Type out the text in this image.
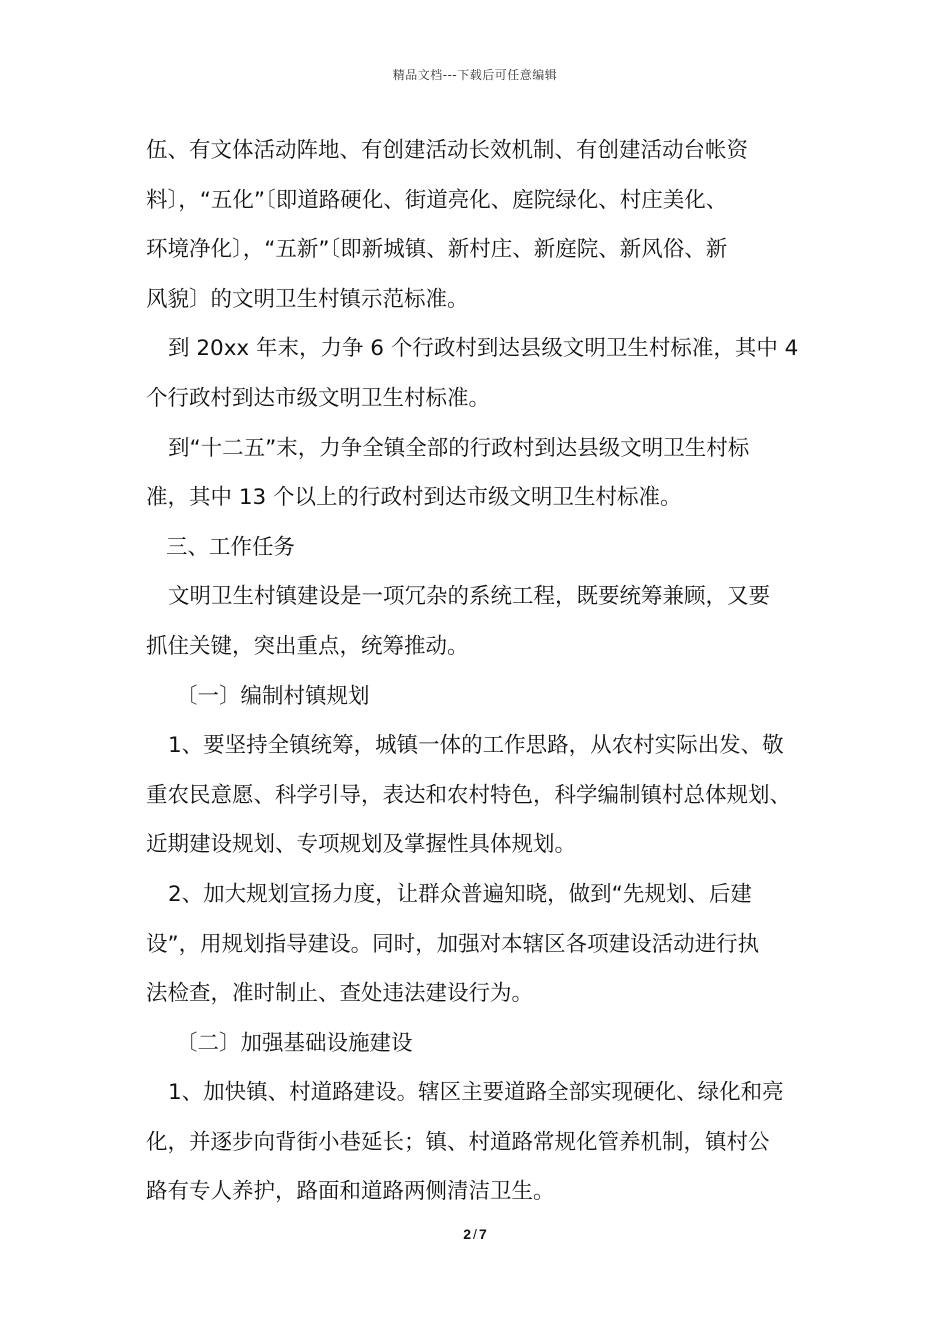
精品文档---下载后可任意编辑
伍、有文体活动阵地、有创建活动长效机制、有创建活动台帐资
料〕，“五化”〔即道路硬化、街道亮化、庭院绿化、村庄美化、
环境净化〕，“五新”〔即新城镇、新村庄、新庭院、新风俗、新
风貌〕的文明卫生村镇示范标准。
到 20xx 年末，力争 6 个行政村到达县级文明卫生村标准，其中 4
个行政村到达市级文明卫生村标准。
到“十二五”末，力争全镇全部的行政村到达县级文明卫生村标
准，其中 13 个以上的行政村到达市级文明卫生村标准。
三、工作任务
文明卫生村镇建设是一项冗杂的系统工程，既要统筹兼顾，又要
抓住关键，突出重点，统筹推动。
〔一〕编制村镇规划
1、要坚持全镇统筹，城镇一体的工作思路，从农村实际出发、敬
重农民意愿、科学引导，表达和农村特色，科学编制镇村总体规划、
近期建设规划、专项规划及掌握性具体规划。
2、加大规划宣扬力度，让群众普遍知晓，做到“先规划、后建
设”，用规划指导建设。同时，加强对本辖区各项建设活动进行执
法检查，准时制止、查处违法建设行为。
〔二〕加强基础设施建设
1、加快镇、村道路建设。辖区主要道路全部实现硬化、绿化和亮
化，并逐步向背街小巷延长；镇、村道路常规化管养机制，镇村公
路有专人养护，路面和道路两侧清洁卫生。
2 / 7
